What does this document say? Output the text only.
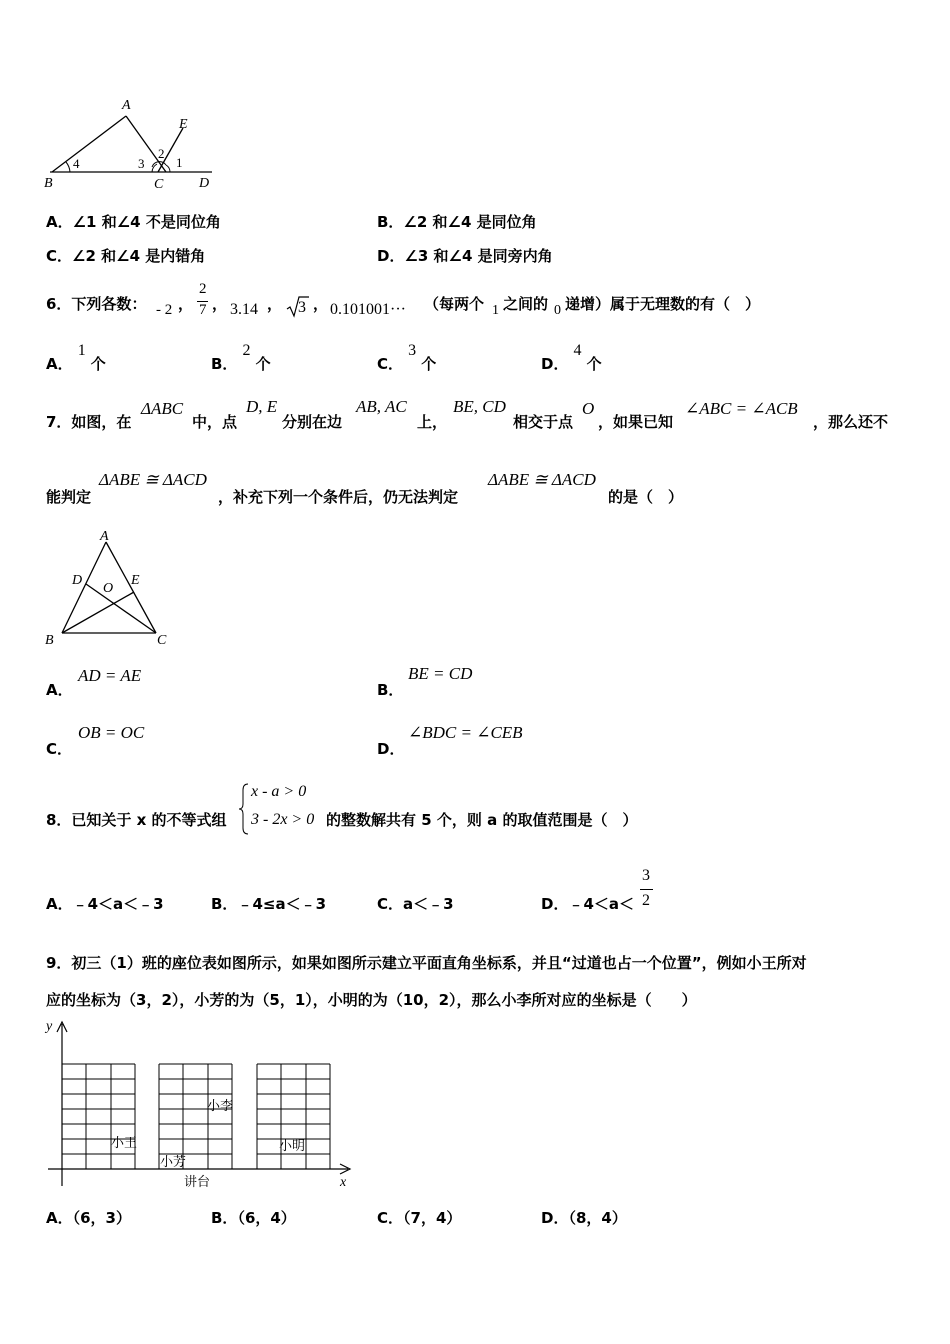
A
E
B	C	D
4	3
2
1
A．∠1 和∠4 不是同位角	B．∠2 和∠4 是同位角
C．∠2 和∠4 是内错角	D．∠3 和∠4 是同旁内角
6．下列各数： - 2 ，
2
7 ， 3.14 ， 3 ， 0.101001··· （每两个 1 之间的 0 递增）属于无理数的有（　）
A． 1 个	B． 2 个	C． 3 个	D． 4 个
7．如图，在
ΔABC
中，点
D, E
分别在边
AB, AC
上，
BE, CD
相交于点
O
，如果已知
∠ABC = ∠ACB
，那么还不
能判定
ΔABE ≅ ΔACD
，补充下列一个条件后，仍无法判定
ΔABE ≅ ΔACD
的是（　）
A
D
O
E
B	C
A．
AD = AE
B．
BE = CD
C．
OB = OC
D．
∠BDC = ∠CEB
8．已知关于 x 的不等式组
x - a > 0
3 - 2x > 0 的整数解共有 5 个，则 a 的取值范围是（　）
A．﹣4＜a＜﹣3	B．﹣4≤a＜﹣3	C．a＜﹣3	D．﹣4＜a＜
3
2
9．初三（1）班的座位表如图所示，如果如图所示建立平面直角坐标系，并且“过道也占一个位置”，例如小王所对
应的坐标为（3，2），小芳的为（5，1），小明的为（10，2），那么小李所对应的坐标是（　　）
y
x
小李
小王
小芳
小明
讲台
A．（6，3）	B．（6，4）	C．（7，4）	D．（8，4）
